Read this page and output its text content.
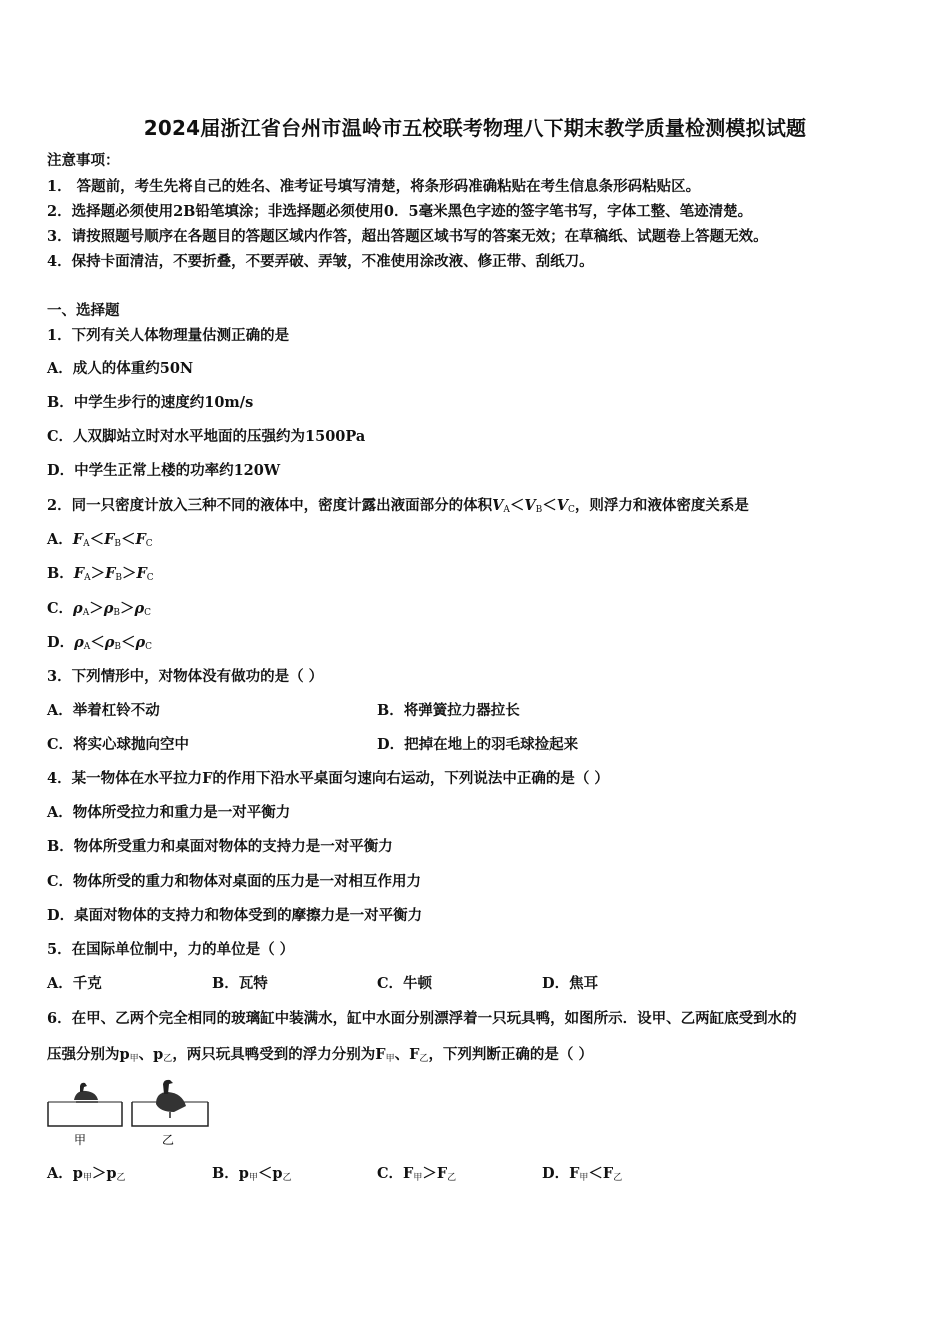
2024届浙江省台州市温岭市五校联考物理八下期末教学质量检测模拟试题
注意事项：
1． 答题前，考生先将自己的姓名、准考证号填写清楚，将条形码准确粘贴在考生信息条形码粘贴区。
2．选择题必须使用2B铅笔填涂；非选择题必须使用0．5毫米黑色字迹的签字笔书写，字体工整、笔迹清楚。
3．请按照题号顺序在各题目的答题区域内作答，超出答题区域书写的答案无效；在草稿纸、试题卷上答题无效。
4．保持卡面清洁，不要折叠，不要弄破、弄皱，不准使用涂改液、修正带、刮纸刀。
一、选择题
1．下列有关人体物理量估测正确的是
A．成人的体重约50N
B．中学生步行的速度约10m/s
C．人双脚站立时对水平地面的压强约为1500Pa
D．中学生正常上楼的功率约120W
2．同一只密度计放入三种不同的液体中，密度计露出液面部分的体积$V_A<V_B<V_C$，则浮力和液体密度关系是
A．$F_A<F_B<F_C$
B．$F_A>F_B>F_C$
C．$\rho_A>\rho_B>\rho_C$
D．$\rho_A<\rho_B<\rho_C$
3．下列情形中，对物体没有做功的是（ ）
A．举着杠铃不动	B．将弹簧拉力器拉长
C．将实心球抛向空中	D．把掉在地上的羽毛球捡起来
4．某一物体在水平拉力F的作用下沿水平桌面匀速向右运动，下列说法中正确的是（ ）
A．物体所受拉力和重力是一对平衡力
B．物体所受重力和桌面对物体的支持力是一对平衡力
C．物体所受的重力和物体对桌面的压力是一对相互作用力
D．桌面对物体的支持力和物体受到的摩擦力是一对平衡力
5．在国际单位制中，力的单位是（ ）
A．千克	B．瓦特	C．牛顿	D．焦耳
6．在甲、乙两个完全相同的玻璃缸中装满水，缸中水面分别漂浮着一只玩具鸭，如图所示．设甲、乙两缸底受到水的
压强分别为$p_甲$、$p_乙$，两只玩具鸭受到的浮力分别为$F_甲$、$F_乙$，下列判断正确的是（ ）
甲	乙
A．$p_甲>p_乙$	B．$p_甲<p_乙$	C．$F_甲>F_乙$	D．$F_甲<F_乙$
